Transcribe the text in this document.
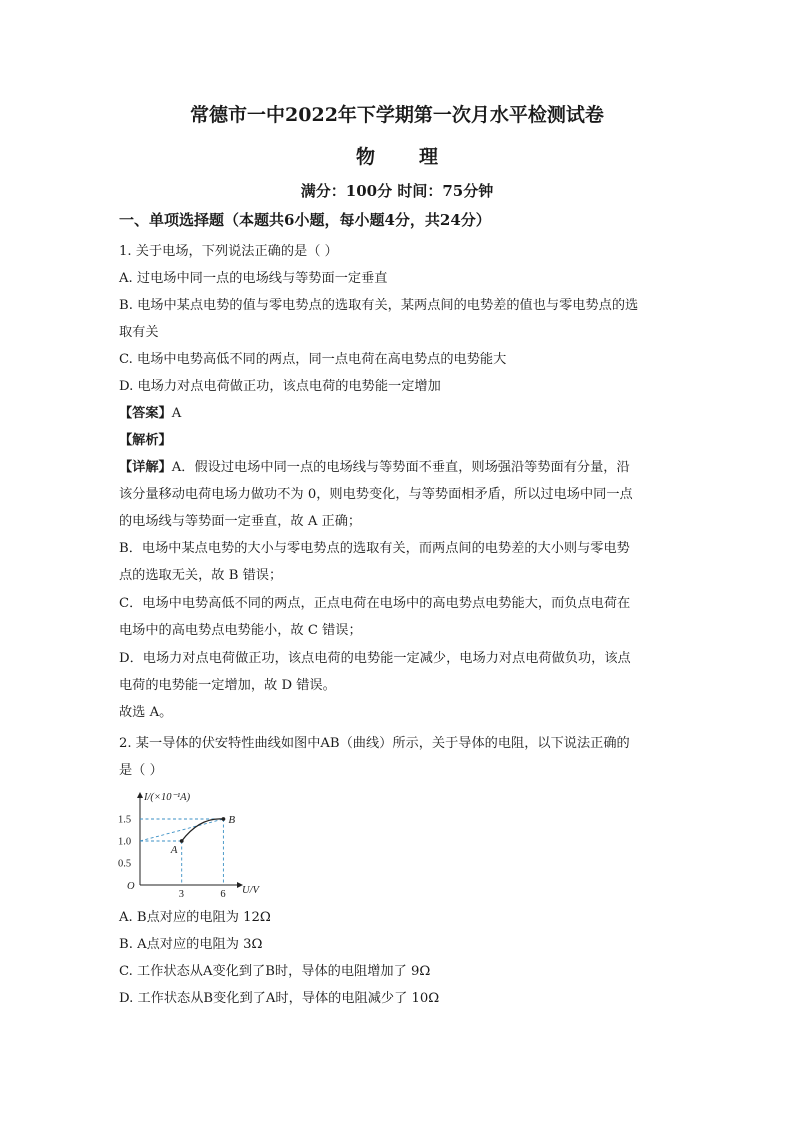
常德市一中2022年下学期第一次月水平检测试卷
物 理
满分：100分 时间：75分钟
一、单项选择题（本题共6小题，每小题4分，共24分）
1. 关于电场，下列说法正确的是（ ）
A. 过电场中同一点的电场线与等势面一定垂直
B. 电场中某点电势的值与零电势点的选取有关，某两点间的电势差的值也与零电势点的选
取有关
C. 电场中电势高低不同的两点，同一点电荷在高电势点的电势能大
D. 电场力对点电荷做正功，该点电荷的电势能一定增加
【答案】A
【解析】
【详解】A．假设过电场中同一点的电场线与等势面不垂直，则场强沿等势面有分量，沿
该分量移动电荷电场力做功不为 0，则电势变化，与等势面相矛盾，所以过电场中同一点
的电场线与等势面一定垂直，故 A 正确；
B．电场中某点电势的大小与零电势点的选取有关，而两点间的电势差的大小则与零电势
点的选取无关，故 B 错误；
C．电场中电势高低不同的两点，正点电荷在电场中的高电势点电势能大，而负点电荷在
电场中的高电势点电势能小，故 C 错误；
D．电场力对点电荷做正功，该点电荷的电势能一定减少，电场力对点电荷做负功，该点
电荷的电势能一定增加，故 D 错误。
故选 A。
2. 某一导体的伏安特性曲线如图中AB（曲线）所示，关于导体的电阻，以下说法正确的
是（ ）
I/(×10⁻¹A)
U/V
O
0.5
1.0
1.5
3	6
A
B
A. B点对应的电阻为 12Ω
B. A点对应的电阻为 3Ω
C. 工作状态从A变化到了B时，导体的电阻增加了 9Ω
D. 工作状态从B变化到了A时，导体的电阻减少了 10Ω
